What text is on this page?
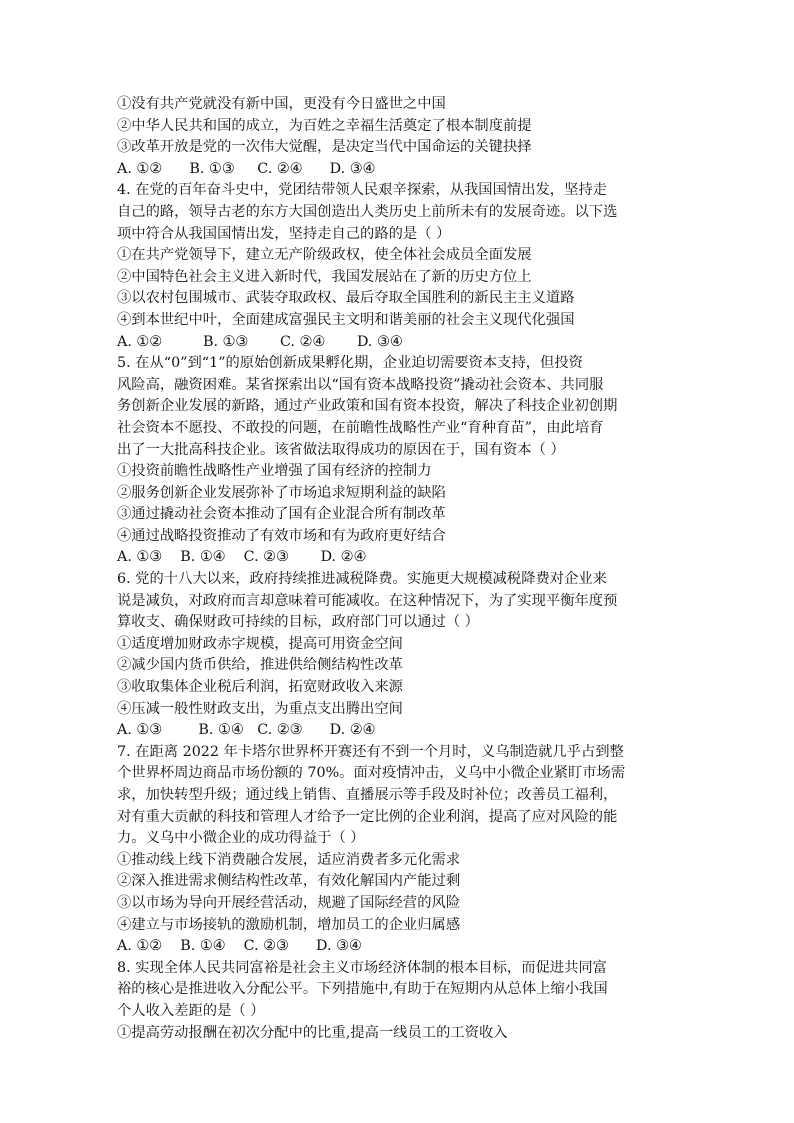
①没有共产党就没有新中国，更没有今日盛世之中国
②中华人民共和国的成立，为百姓之幸福生活奠定了根本制度前提
③改革开放是党的一次伟大觉醒，是决定当代中国命运的关键抉择
A. ①②      B. ①③     C. ②④      D. ③④
4. 在党的百年奋斗史中，党团结带领人民艰辛探索，从我国国情出发，坚持走
自己的路，领导古老的东方大国创造出人类历史上前所未有的发展奇迹。以下选
项中符合从我国国情出发，坚持走自己的路的是（ ）
①在共产党领导下，建立无产阶级政权，使全体社会成员全面发展
②中国特色社会主义进入新时代，我国发展站在了新的历史方位上
③以农村包围城市、武装夺取政权、最后夺取全国胜利的新民主主义道路
④到本世纪中叶，全面建成富强民主文明和谐美丽的社会主义现代化强国
A. ①②         B. ①③       C. ②④       D. ③④
5. 在从“0”到“1”的原始创新成果孵化期，企业迫切需要资本支持，但投资
风险高，融资困难。某省探索出以“国有资本战略投资”撬动社会资本、共同服
务创新企业发展的新路，通过产业政策和国有资本投资，解决了科技企业初创期
社会资本不愿投、不敢投的问题，在前瞻性战略性产业“育种育苗”，由此培育
出了一大批高科技企业。该省做法取得成功的原因在于，国有资本（ ）
①投资前瞻性战略性产业增强了国有经济的控制力
②服务创新企业发展弥补了市场追求短期利益的缺陷
③通过撬动社会资本推动了国有企业混合所有制改革
④通过战略投资推动了有效市场和有为政府更好结合
A. ①③    B. ①④    C. ②③       D. ②④
6. 党的十八大以来，政府持续推进减税降费。实施更大规模减税降费对企业来
说是减负，对政府而言却意味着可能减收。在这种情况下，为了实现平衡年度预
算收支、确保财政可持续的目标，政府部门可以通过（ ）
①适度增加财政赤字规模，提高可用资金空间
②减少国内货币供给，推进供给侧结构性改革
③收取集体企业税后利润，拓宽财政收入来源
④压减一般性财政支出，为重点支出腾出空间
A. ①③        B. ①④   C. ②③      D. ②④
7. 在距离 2022 年卡塔尔世界杯开赛还有不到一个月时，义乌制造就几乎占到整
个世界杯周边商品市场份额的 70%。面对疫情冲击，义乌中小微企业紧盯市场需
求，加快转型升级；通过线上销售、直播展示等手段及时补位；改善员工福利，
对有重大贡献的科技和管理人才给予一定比例的企业利润，提高了应对风险的能
力。义乌中小微企业的成功得益于（ ）
①推动线上线下消费融合发展，适应消费者多元化需求
②深入推进需求侧结构性改革，有效化解国内产能过剩
③以市场为导向开展经营活动，规避了国际经营的风险
④建立与市场接轨的激励机制，增加员工的企业归属感
A. ①②    B. ①④    C. ②③      D. ③④
8. 实现全体人民共同富裕是社会主义市场经济体制的根本目标，而促进共同富
裕的核心是推进收入分配公平。下列措施中,有助于在短期内从总体上缩小我国
个人收入差距的是（ ）
①提高劳动报酬在初次分配中的比重,提高一线员工的工资收入
